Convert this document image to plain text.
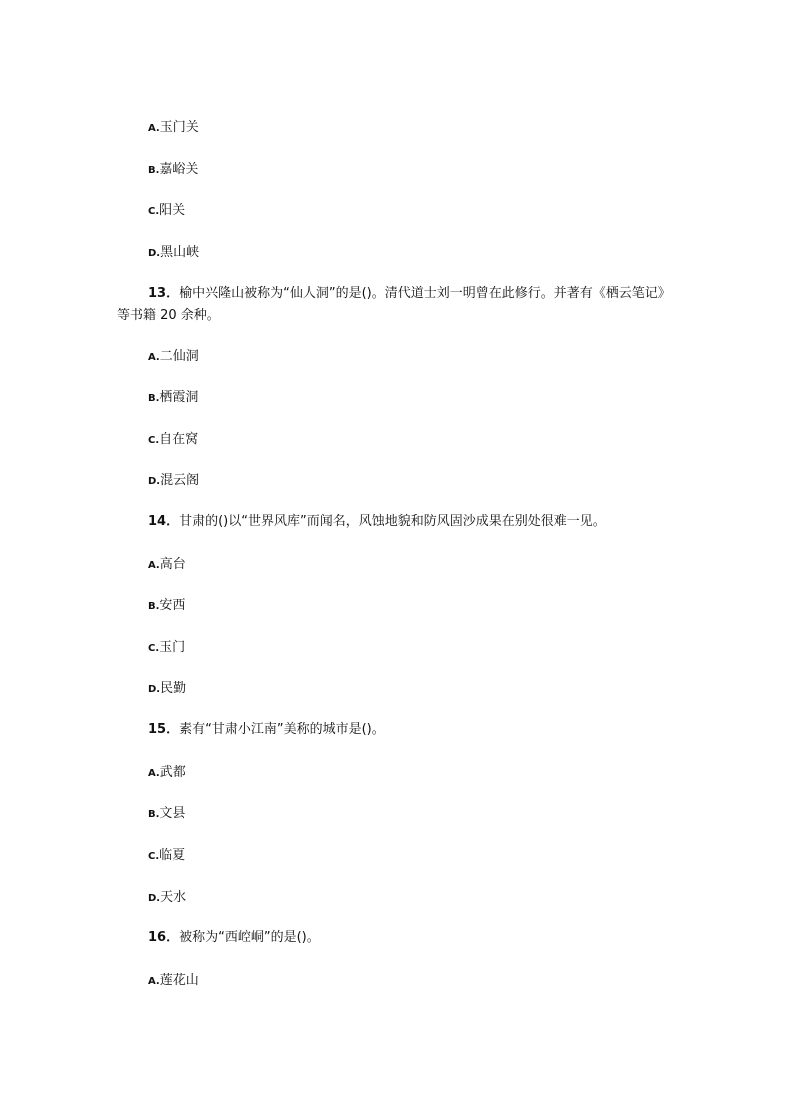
A.玉门关
B.嘉峪关
C.阳关
D.黑山峡
13．榆中兴隆山被称为“仙人洞”的是()。清代道士刘一明曾在此修行。并著有《栖云笔记》等书籍 20 余种。
A.二仙洞
B.栖霞洞
C.自在窝
D.混云阁
14．甘肃的()以“世界风库”而闻名，风蚀地貌和防风固沙成果在别处很难一见。
A.高台
B.安西
C.玉门
D.民勤
15．素有“甘肃小江南”美称的城市是()。
A.武都
B.文县
C.临夏
D.天水
16．被称为“西崆峒”的是()。
A.莲花山
